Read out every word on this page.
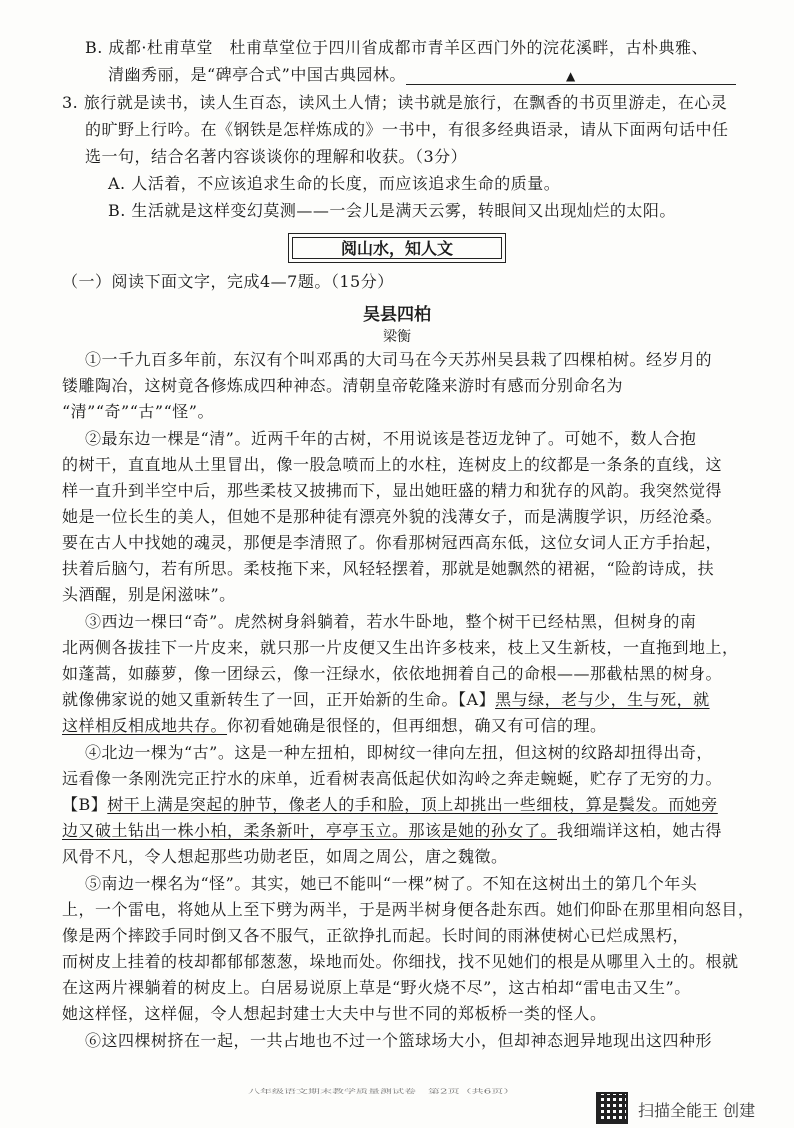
B. 成都·杜甫草堂　杜甫草堂位于四川省成都市青羊区西门外的浣花溪畔，古朴典雅、
清幽秀丽，是“碑亭合式”中国古典园林。	▲
3. 旅行就是读书，读人生百态，读风土人情；读书就是旅行，在飘香的书页里游走，在心灵
的旷野上行吟。在《钢铁是怎样炼成的》一书中，有很多经典语录，请从下面两句话中任
选一句，结合名著内容谈谈你的理解和收获。（3分）
A. 人活着，不应该追求生命的长度，而应该追求生命的质量。
B. 生活就是这样变幻莫测——一会儿是满天云雾，转眼间又出现灿烂的太阳。
阅山水，知人文
（一）阅读下面文字，完成4—7题。（15分）
吴县四柏
梁衡
①一千九百多年前，东汉有个叫邓禹的大司马在今天苏州吴县栽了四棵柏树。经岁月的
镂雕陶冶，这树竟各修炼成四种神态。清朝皇帝乾隆来游时有感而分别命名为
“清”“奇”“古”“怪”。
②最东边一棵是“清”。近两千年的古树，不用说该是苍迈龙钟了。可她不，数人合抱
的树干，直直地从土里冒出，像一股急喷而上的水柱，连树皮上的纹都是一条条的直线，这
样一直升到半空中后，那些柔枝又披拂而下，显出她旺盛的精力和犹存的风韵。我突然觉得
她是一位长生的美人，但她不是那种徒有漂亮外貌的浅薄女子，而是满腹学识，历经沧桑。
要在古人中找她的魂灵，那便是李清照了。你看那树冠西高东低，这位女词人正方手抬起，
扶着后脑勺，若有所思。柔枝拖下来，风轻轻摆着，那就是她飘然的裙裾，“险韵诗成，扶
头酒醒，别是闲滋味”。
③西边一棵曰“奇”。虎然树身斜躺着，若水牛卧地，整个树干已经枯黑，但树身的南
北两侧各拔挂下一片皮来，就只那一片皮便又生出许多枝来，枝上又生新枝，一直拖到地上，
如蓬蒿，如藤萝，像一团绿云，像一汪绿水，依依地拥着自己的命根——那截枯黑的树身。
就像佛家说的她又重新转生了一回，正开始新的生命。【A】黑与绿，老与少，生与死，就
这样相反相成地共存。你初看她确是很怪的，但再细想，确又有可信的理。
④北边一棵为“古”。这是一种左扭柏，即树纹一律向左扭，但这树的纹路却扭得出奇，
远看像一条刚洗完正拧水的床单，近看树表高低起伏如沟岭之奔走蜿蜒，贮存了无穷的力。
【B】树干上满是突起的肿节，像老人的手和脸，顶上却挑出一些细枝，算是鬓发。而她旁
边又破土钻出一株小柏，柔条新叶，亭亭玉立。那该是她的孙女了。我细端详这柏，她古得
风骨不凡，令人想起那些功勋老臣，如周之周公，唐之魏徵。
⑤南边一棵名为“怪”。其实，她已不能叫“一棵”树了。不知在这树出土的第几个年头
上，一个雷电，将她从上至下劈为两半，于是两半树身便各赴东西。她们仰卧在那里相向怒目，
像是两个摔跤手同时倒又各不服气，正欲挣扎而起。长时间的雨淋使树心已烂成黑朽，
而树皮上挂着的枝却都郁郁葱葱，垛地而处。你细找，找不见她们的根是从哪里入土的。根就
在这两片裸躺着的树皮上。白居易说原上草是“野火烧不尽”，这古柏却“雷电击又生”。
她这样怪，这样倔，令人想起封建士大夫中与世不同的郑板桥一类的怪人。
⑥这四棵树挤在一起，一共占地也不过一个篮球场大小，但却神态迥异地现出这四种形
八年级语文期末教学质量测试卷　第2页（共6页）
扫描全能王 创建
